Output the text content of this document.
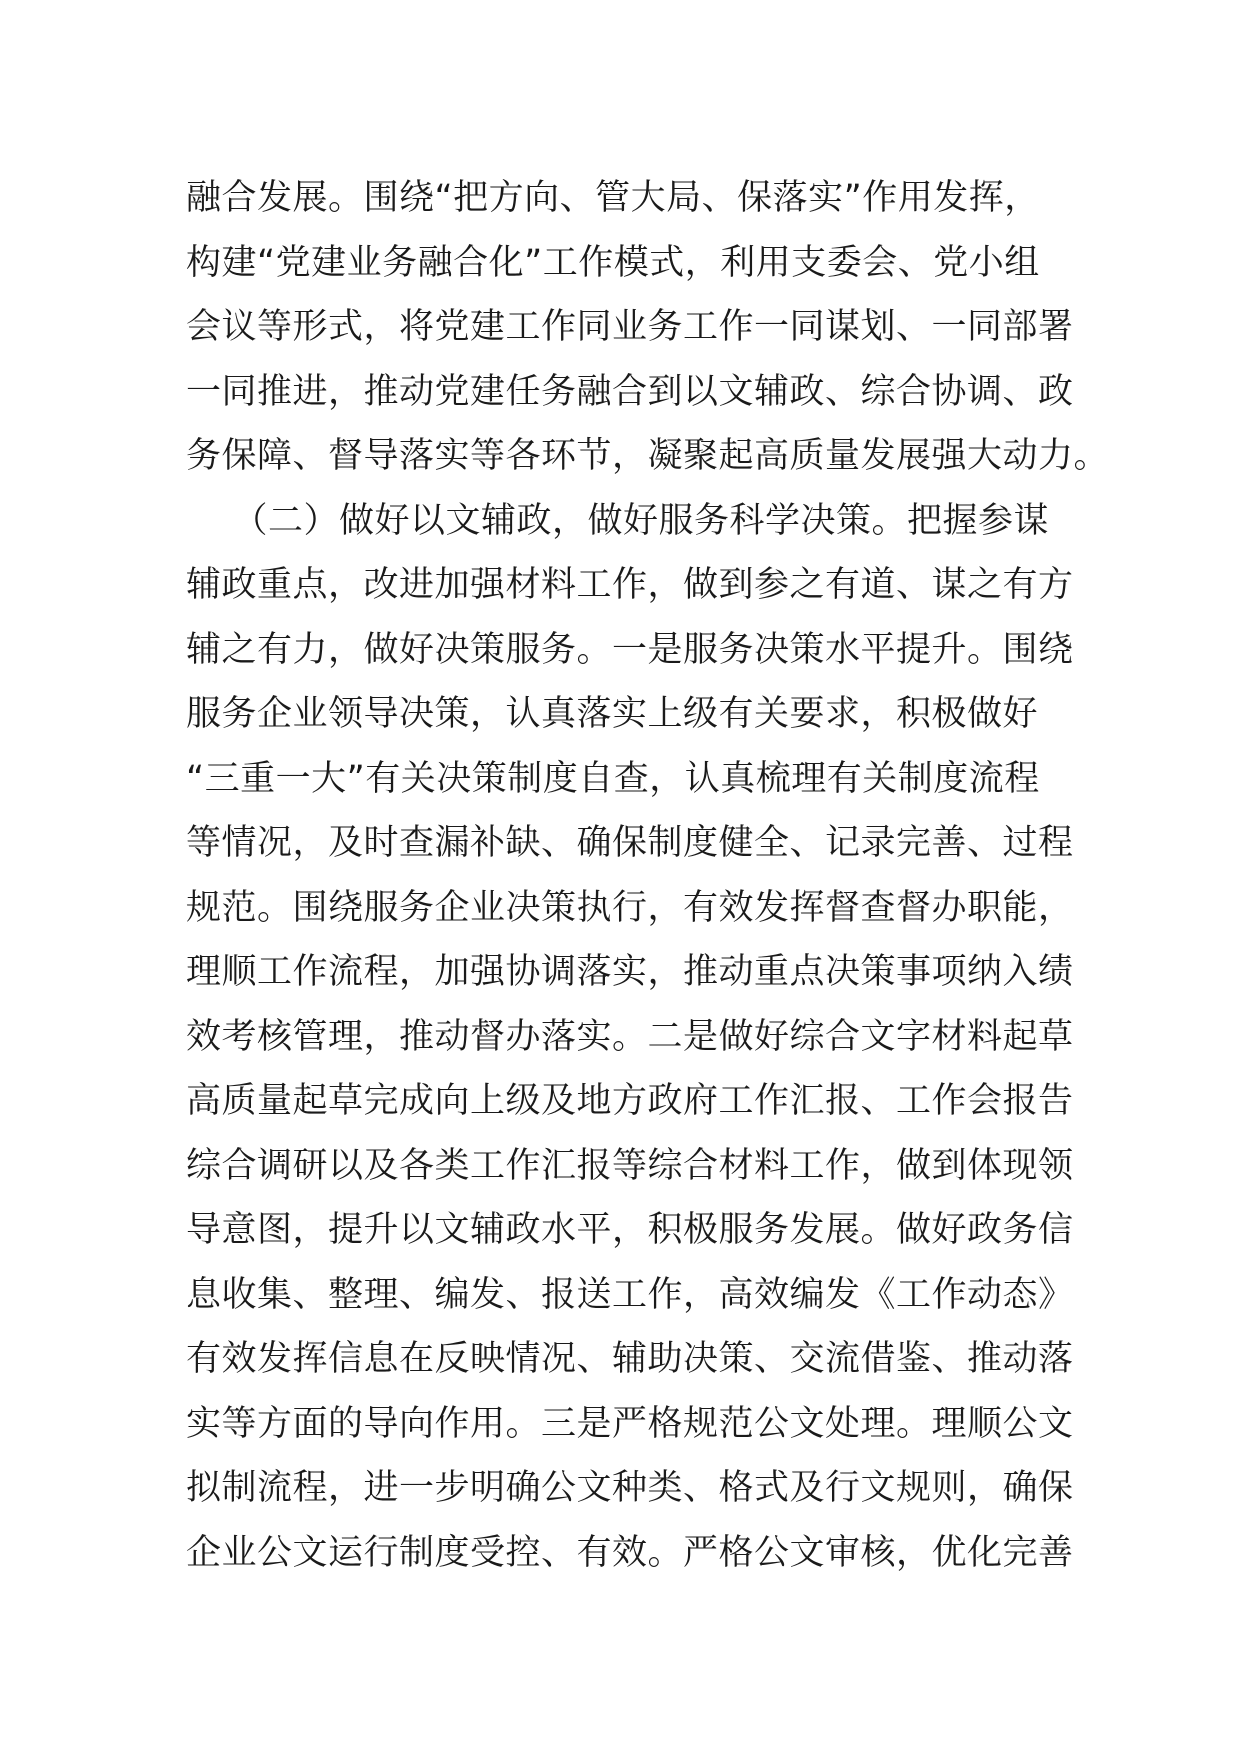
融合发展。围绕“把方向、管大局、保落实”作用发挥，
构建“党建业务融合化”工作模式，利用支委会、党小组
会议等形式，将党建工作同业务工作一同谋划、一同部署
一同推进，推动党建任务融合到以文辅政、综合协调、政
务保障、督导落实等各环节，凝聚起高质量发展强大动力。
（二）做好以文辅政，做好服务科学决策。把握参谋
辅政重点，改进加强材料工作，做到参之有道、谋之有方
辅之有力，做好决策服务。一是服务决策水平提升。围绕
服务企业领导决策，认真落实上级有关要求，积极做好
“三重一大”有关决策制度自查，认真梳理有关制度流程
等情况，及时查漏补缺、确保制度健全、记录完善、过程
规范。围绕服务企业决策执行，有效发挥督查督办职能，
理顺工作流程，加强协调落实，推动重点决策事项纳入绩
效考核管理，推动督办落实。二是做好综合文字材料起草
高质量起草完成向上级及地方政府工作汇报、工作会报告
综合调研以及各类工作汇报等综合材料工作，做到体现领
导意图，提升以文辅政水平，积极服务发展。做好政务信
息收集、整理、编发、报送工作，高效编发《工作动态》
有效发挥信息在反映情况、辅助决策、交流借鉴、推动落
实等方面的导向作用。三是严格规范公文处理。理顺公文
拟制流程，进一步明确公文种类、格式及行文规则，确保
企业公文运行制度受控、有效。严格公文审核，优化完善
